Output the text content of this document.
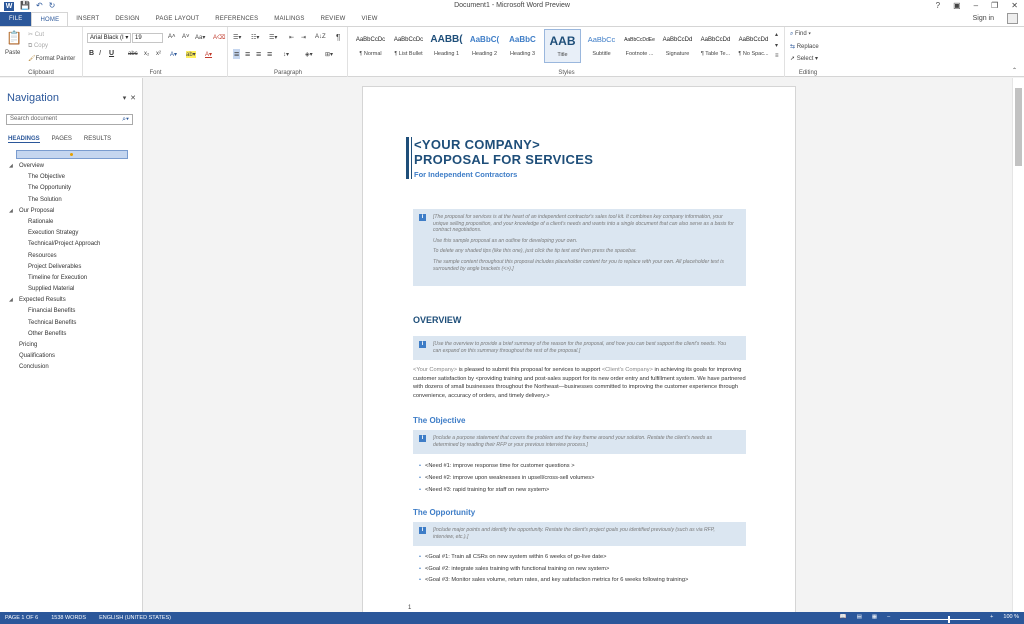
W 💾 ↶ ↻	Document1 - Microsoft Word Preview	? ▣ – ❐ ✕
FILE	HOME	INSERT	DESIGN	PAGE LAYOUT	REFERENCES	MAILINGS	REVIEW	VIEW	Sign in
📋
Paste
✂ Cut
⧉ Copy
🖌Format Painter
Clipboard
Arial Black (I ▾	19	A˄ A˅ Aa▾ A⌫
B I U abc x₂ x² A▾ ab▾ A▾
Font
☰▾ ☷▾ ☰▾ ⇤ ⇥ A↓Z ¶
≡ ≡ ≡ ≡ ↕▾	◈▾ ⊞▾
Paragraph
AaBbCcDc
¶ Normal
AaBbCcDc
¶ List Bullet
AABB(
Heading 1
AaBbC(
Heading 2
AaBbC
Heading 3
AAB
Title
AaBbCc
Subtitle
AaBbCcDdEe
Footnote ...
AaBbCcDd
Signature
AaBbCcDd
¶ Table Te...
AaBbCcDd
¶ No Spac...
▴
▾
≡
Styles
⌕ Find ▾
⇆ Replace
➚ Select ▾
Editing	⌃
Navigation	▾ ✕
Search document	⌕▾
HEADINGS PAGES RESULTS
◢ Overview
The Objective
The Opportunity
The Solution
◢ Our Proposal
Rationale
Execution Strategy
Technical/Project Approach
Resources
Project Deliverables
Timeline for Execution
Supplied Material
◢ Expected Results
Financial Benefits
Technical Benefits
Other Benefits
Pricing
Qualifications
Conclusion
<YOUR COMPANY>
PROPOSAL FOR SERVICES
For Independent Contractors
i	[The proposal for services is at the heart of an independent contractor's sales tool kit. It combines key company information, your unique selling proposition, and your knowledge of a client's needs and wants into a single document that can also serve as a basis for contract negotiations.

Use this sample proposal as an outline for developing your own.

To delete any shaded tips (like this one), just click the tip text and then press the spacebar.

The sample content throughout this proposal includes placeholder content for you to replace with your own. All placeholder text is surrounded by angle brackets (<>).]

OVERVIEW
i	[Use the overview to provide a brief summary of the reason for the proposal, and how you can best support the client's needs. You can expand on this summary throughout the rest of the proposal.]

<Your Company> is pleased to submit this proposal for services to support <Client's Company> in achieving its goals for improving customer satisfaction by <providing training and post-sales support for its new order entry and fulfillment system. We have partnered with dozens of small businesses throughout the Northeast—businesses committed to improving the customer experience through convenience, accuracy of orders, and timely delivery.>
The Objective
i	[Include a purpose statement that covers the problem and the key theme around your solution. Restate the client's needs as determined by reading their RFP or your previous interview process.]

• <Need #1: improve response time for customer questions >
• <Need #2: improve upon weaknesses in upsell/cross-sell volumes>
• <Need #3: rapid training for staff on new system>
The Opportunity
i	[Include major points and identify the opportunity. Restate the client's project goals you identified previously (such as via RFP, interview, etc.).]

• <Goal #1: Train all CSRs on new system within 6 weeks of go-live date>
• <Goal #2: integrate sales training with functional training on new system>
• <Goal #3: Monitor sales volume, return rates, and key satisfaction metrics for 6 weeks following training>
1
PAGE 1 OF 6 1538 WORDS ENGLISH (UNITED STATES)	📖 ▤ ▦ –	+ 100 %
